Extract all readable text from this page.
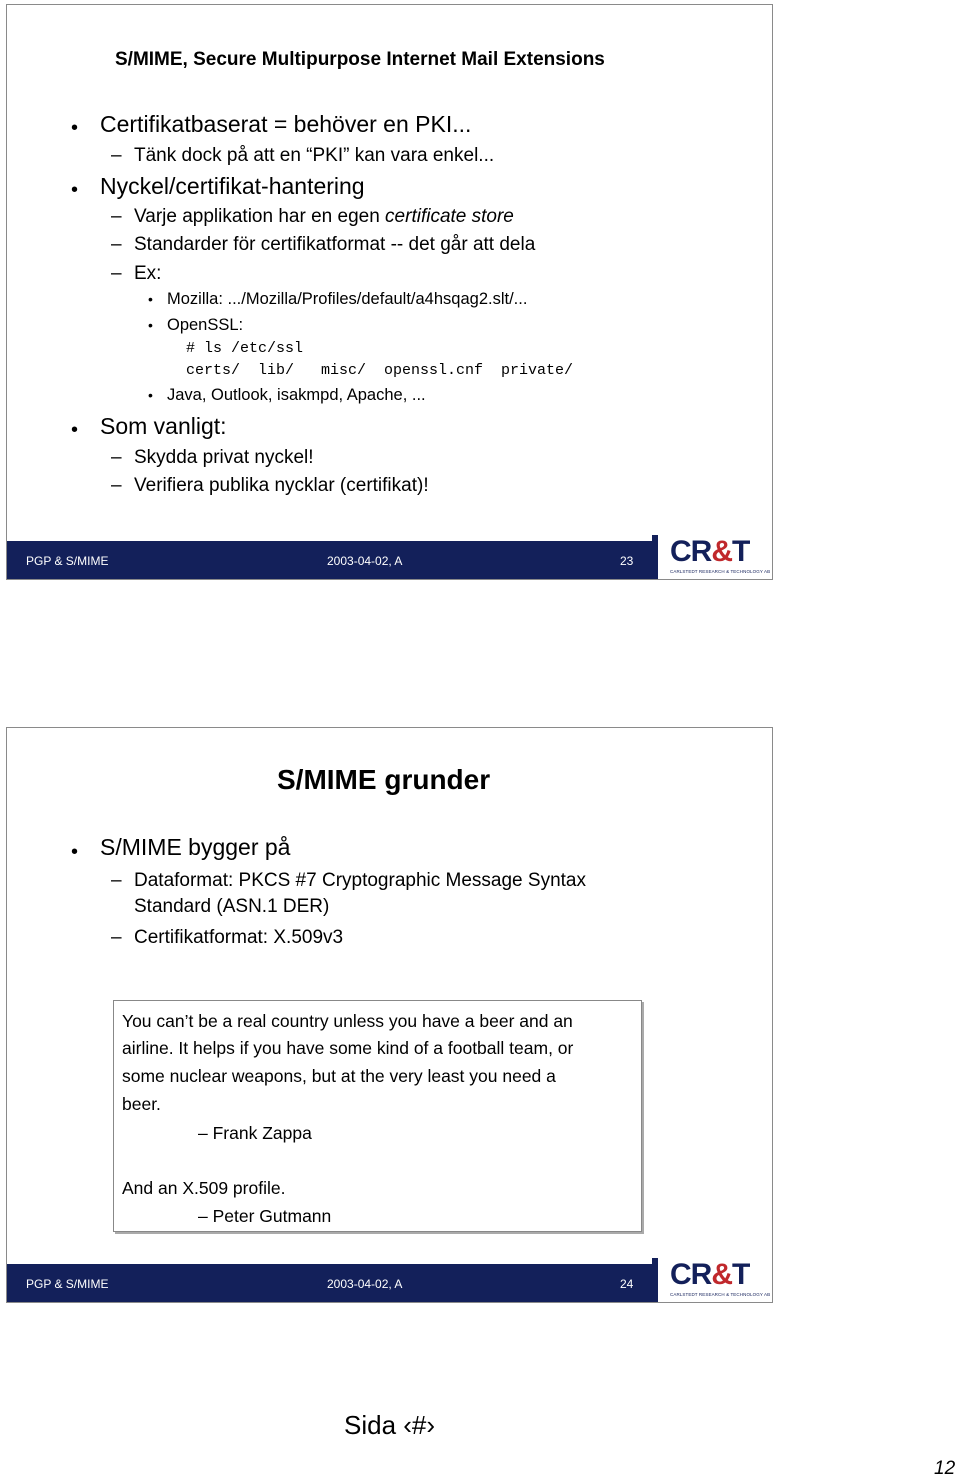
S/MIME, Secure Multipurpose Internet Mail Extensions
• Certifikatbaserat = behöver en PKI...
– Tänk dock på att en “PKI” kan vara enkel...
• Nyckel/certifikat-hantering
– Varje applikation har en egen certificate store
– Standarder för certifikatformat -- det går att dela
– Ex:
• Mozilla: .../Mozilla/Profiles/default/a4hsqag2.slt/...
• OpenSSL:
# ls /etc/ssl
certs/  lib/   misc/  openssl.cnf  private/
• Java, Outlook, isakmpd, Apache, ...
• Som vanligt:
– Skydda privat nyckel!
– Verifiera publika nycklar (certifikat)!
PGP & S/MIME	2003-04-02, A	23 CR&T
CARLSTEDT RESEARCH & TECHNOLOGY AB
S/MIME grunder
• S/MIME bygger på
– Dataformat: PKCS #7 Cryptographic Message Syntax
Standard (ASN.1 DER)
– Certifikatformat: X.509v3
You can’t be a real country unless you have a beer and an
airline. It helps if you have some kind of a football team, or
some nuclear weapons, but at the very least you need a
beer.
– Frank Zappa
And an X.509 profile.
– Peter Gutmann
PGP & S/MIME	2003-04-02, A	24 CR&T
CARLSTEDT RESEARCH & TECHNOLOGY AB
Sida ‹#›
12
